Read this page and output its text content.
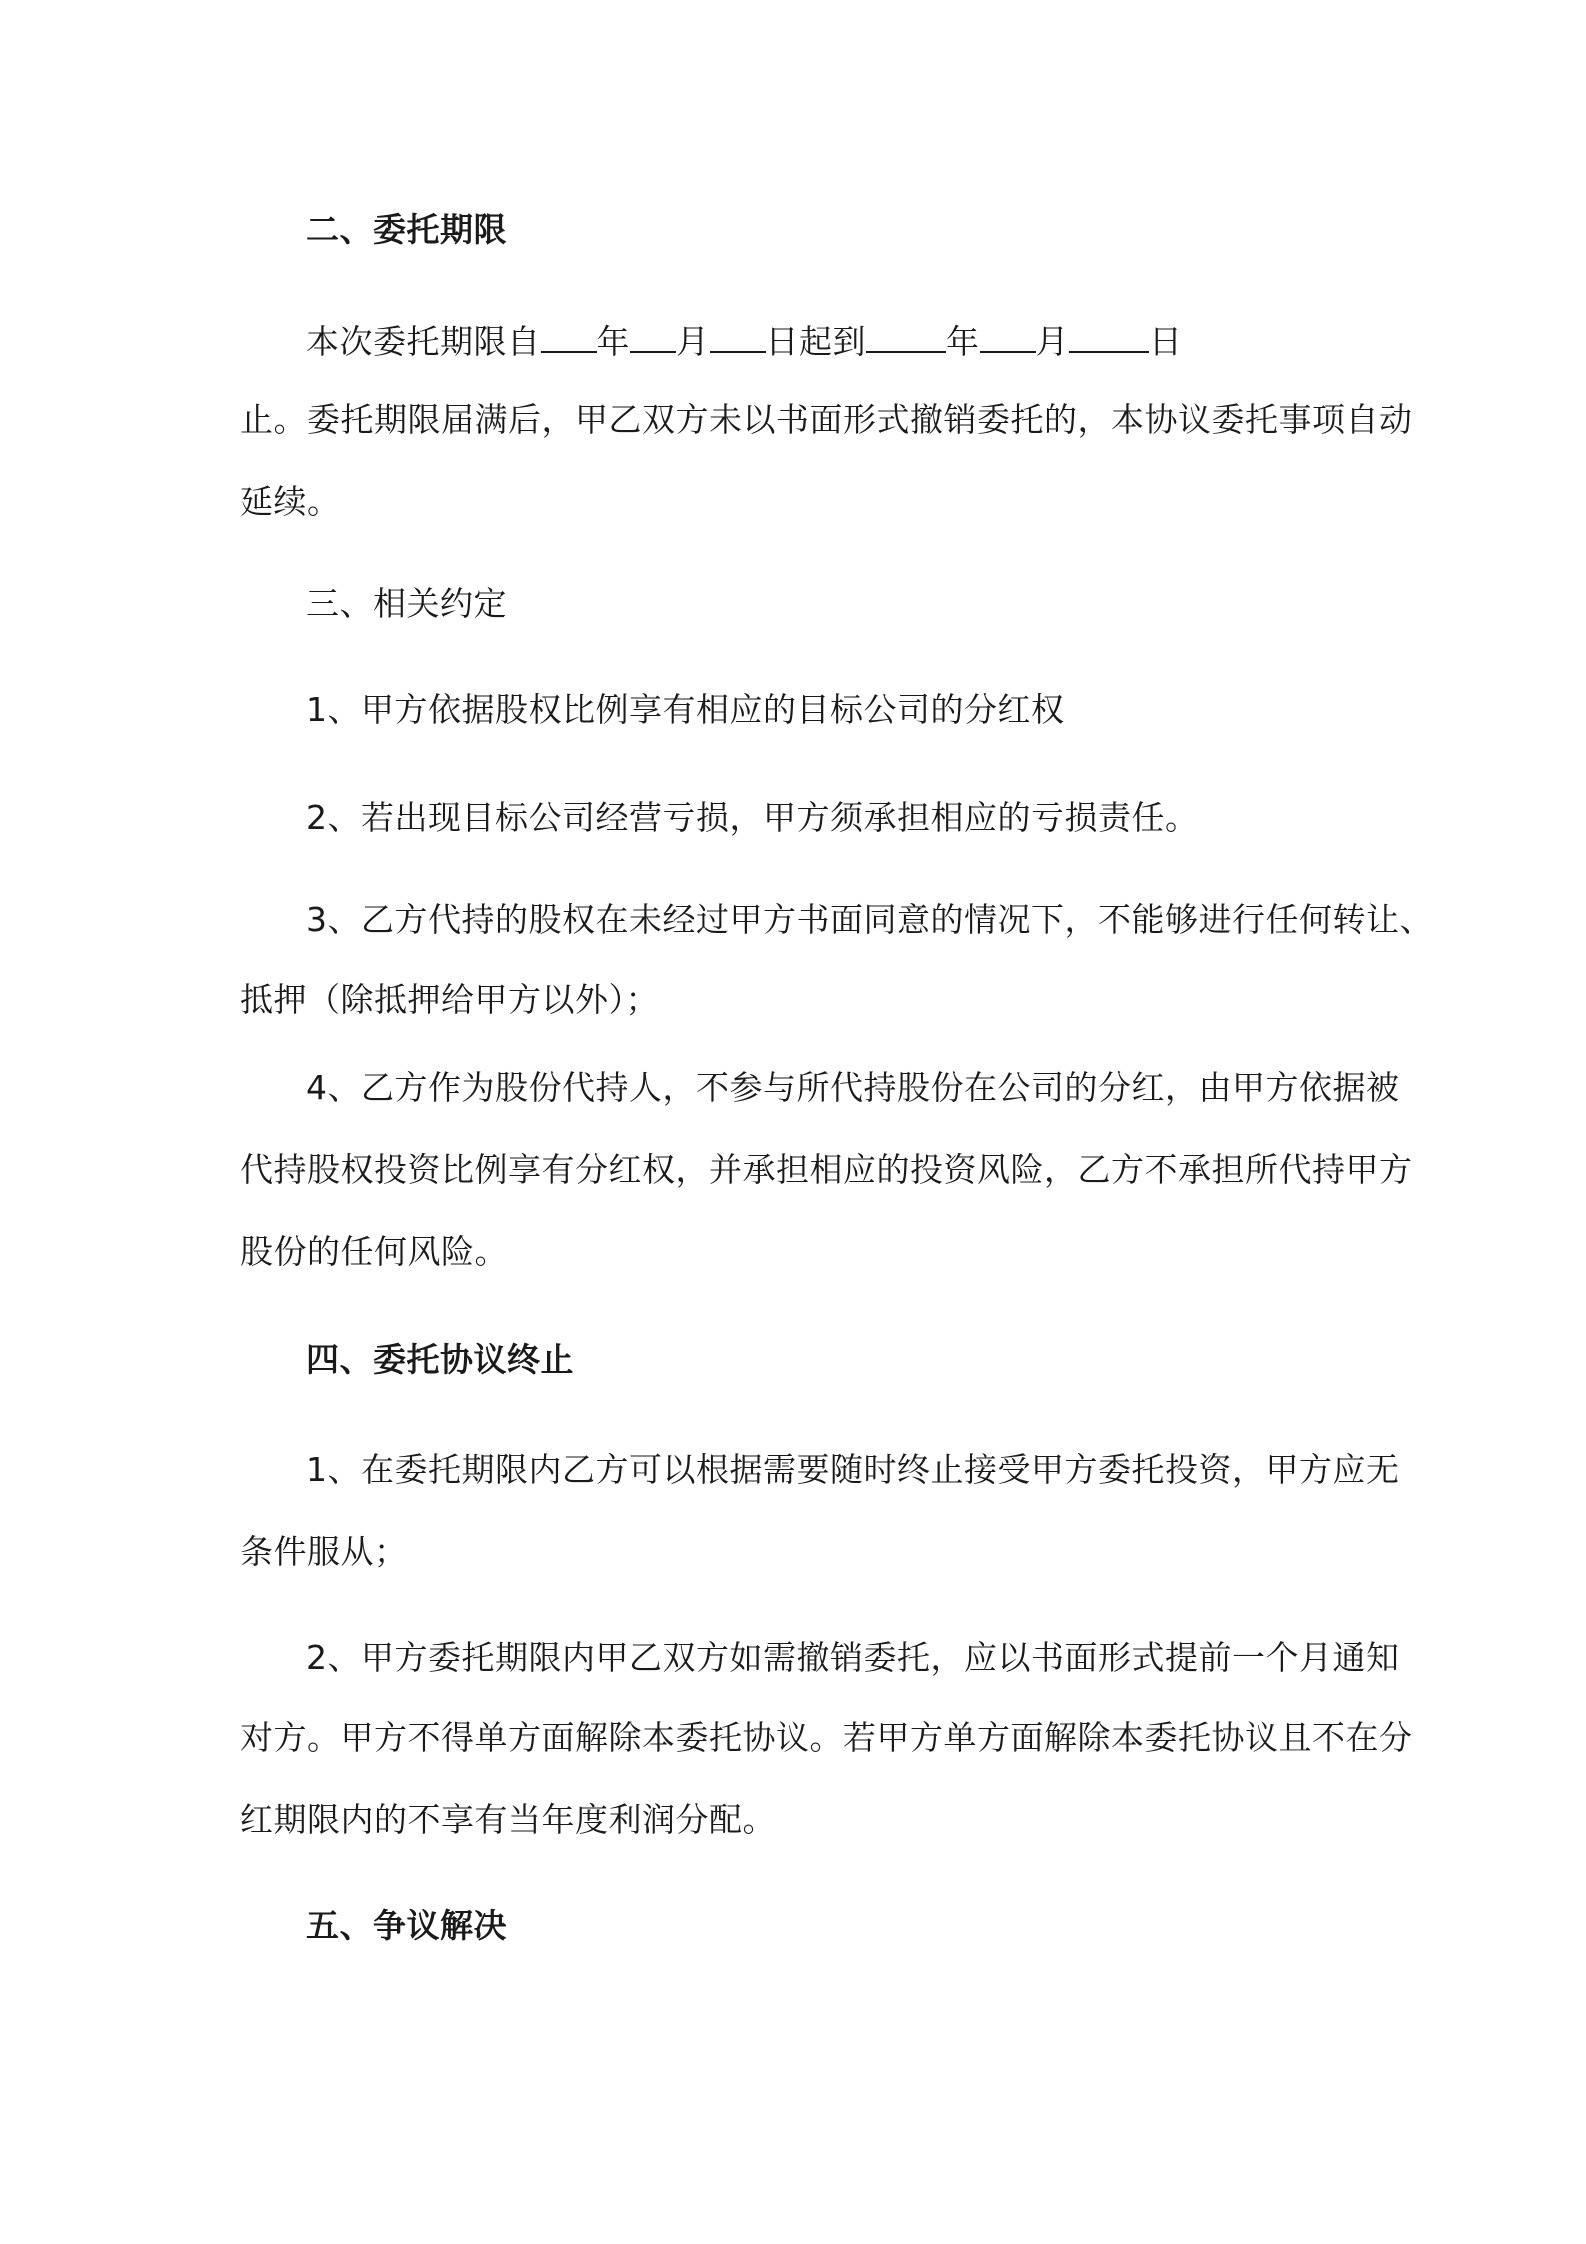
二、委托期限
本次委托期限自 年 月 日起到 年 月 日
止。委托期限届满后，甲乙双方未以书面形式撤销委托的，本协议委托事项自动
延续。
三、相关约定
1、甲方依据股权比例享有相应的目标公司的分红权
2、若出现目标公司经营亏损，甲方须承担相应的亏损责任。
3、乙方代持的股权在未经过甲方书面同意的情况下，不能够进行任何转让、
抵押（除抵押给甲方以外）；
4、乙方作为股份代持人，不参与所代持股份在公司的分红，由甲方依据被
代持股权投资比例享有分红权，并承担相应的投资风险，乙方不承担所代持甲方
股份的任何风险。
四、委托协议终止
1、在委托期限内乙方可以根据需要随时终止接受甲方委托投资，甲方应无
条件服从；
2、甲方委托期限内甲乙双方如需撤销委托，应以书面形式提前一个月通知
对方。甲方不得单方面解除本委托协议。若甲方单方面解除本委托协议且不在分
红期限内的不享有当年度利润分配。
五、争议解决
